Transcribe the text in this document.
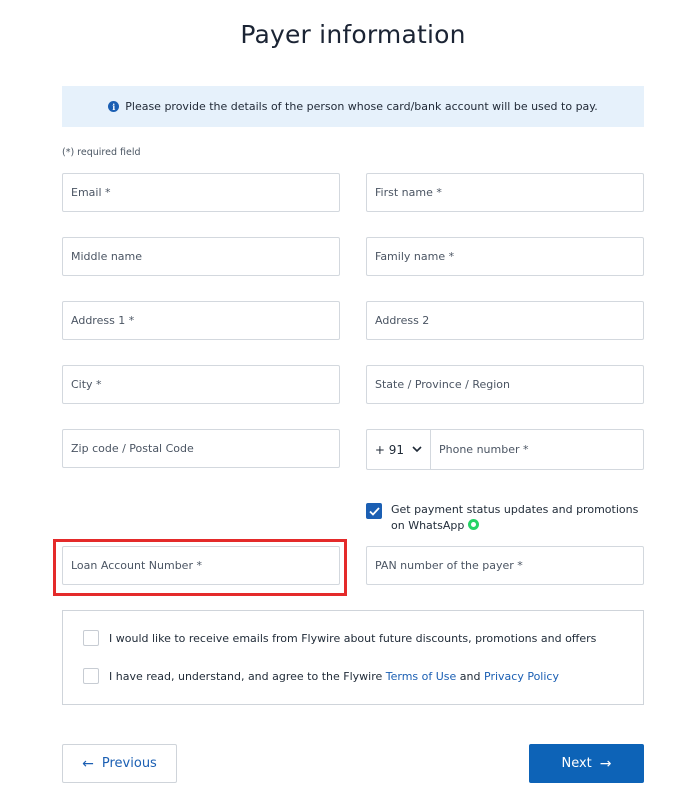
Payer information
i Please provide the details of the person whose card/bank account will be used to pay.
(*) required field
Email *	First name *
Middle name	Family name *
Address 1 *	Address 2
City *	State / Province / Region
Zip code / Postal Code	+ 91	Phone number *
Get payment status updates and promotions on WhatsApp
Loan Account Number *	PAN number of the payer *
I would like to receive emails from Flywire about future discounts, promotions and offers
I have read, understand, and agree to the Flywire Terms of Use and Privacy Policy
← Previous	Next →
